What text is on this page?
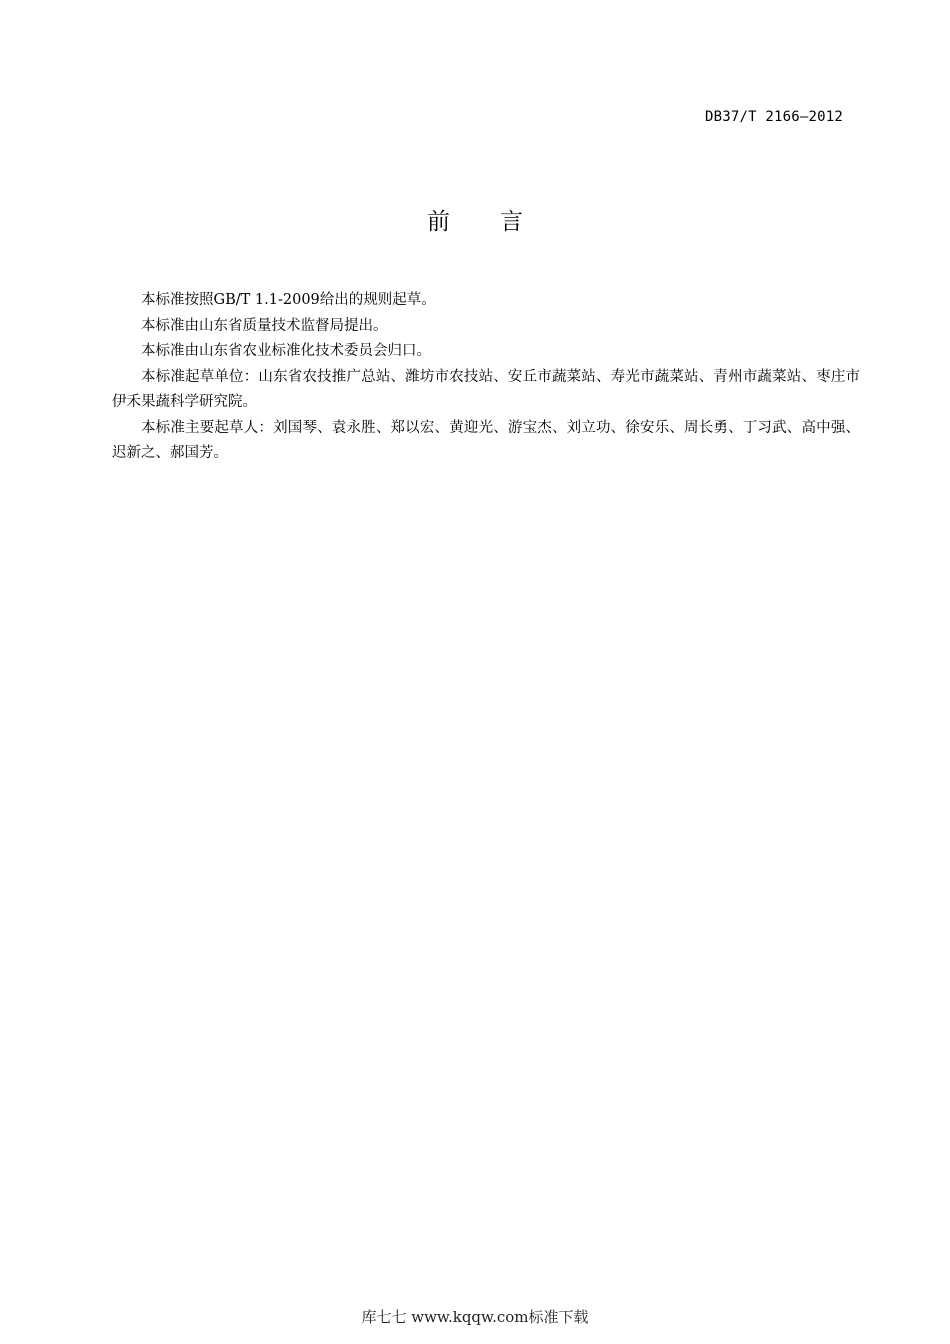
DB37/T 2166—2012
前言

本标准按照GB/T 1.1-2009给出的规则起草。

本标准由山东省质量技术监督局提出。

本标准由山东省农业标准化技术委员会归口。

本标准起草单位：山东省农技推广总站、潍坊市农技站、安丘市蔬菜站、寿光市蔬菜站、青州市蔬菜站、枣庄市伊禾果蔬科学研究院。

本标准主要起草人：刘国琴、袁永胜、郑以宏、黄迎光、游宝杰、刘立功、徐安乐、周长勇、丁习武、高中强、迟新之、郝国芳。

库七七 www.kqqw.com标准下载
